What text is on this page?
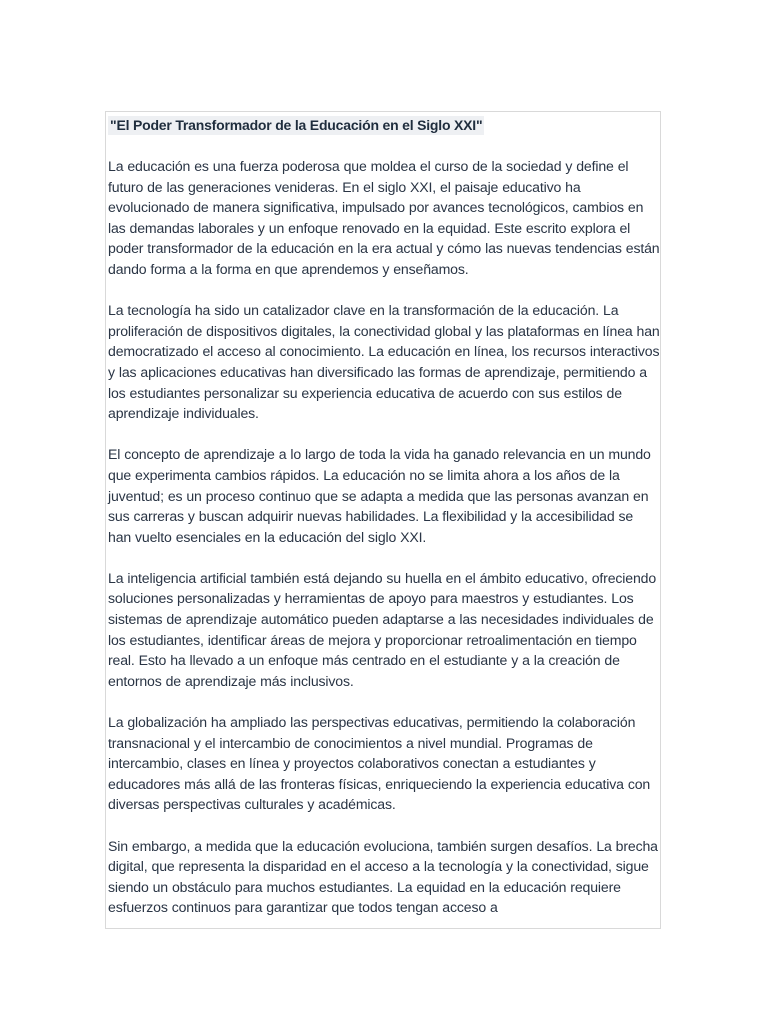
"El Poder Transformador de la Educación en el Siglo XXI"

La educación es una fuerza poderosa que moldea el curso de la sociedad y define el futuro de las generaciones venideras. En el siglo XXI, el paisaje educativo ha evolucionado de manera significativa, impulsado por avances tecnológicos, cambios en las demandas laborales y un enfoque renovado en la equidad. Este escrito explora el poder transformador de la educación en la era actual y cómo las nuevas tendencias están dando forma a la forma en que aprendemos y enseñamos.

La tecnología ha sido un catalizador clave en la transformación de la educación. La proliferación de dispositivos digitales, la conectividad global y las plataformas en línea han democratizado el acceso al conocimiento. La educación en línea, los recursos interactivos y las aplicaciones educativas han diversificado las formas de aprendizaje, permitiendo a los estudiantes personalizar su experiencia educativa de acuerdo con sus estilos de aprendizaje individuales.

El concepto de aprendizaje a lo largo de toda la vida ha ganado relevancia en un mundo que experimenta cambios rápidos. La educación no se limita ahora a los años de la juventud; es un proceso continuo que se adapta a medida que las personas avanzan en sus carreras y buscan adquirir nuevas habilidades. La flexibilidad y la accesibilidad se han vuelto esenciales en la educación del siglo XXI.

La inteligencia artificial también está dejando su huella en el ámbito educativo, ofreciendo soluciones personalizadas y herramientas de apoyo para maestros y estudiantes. Los sistemas de aprendizaje automático pueden adaptarse a las necesidades individuales de los estudiantes, identificar áreas de mejora y proporcionar retroalimentación en tiempo real. Esto ha llevado a un enfoque más centrado en el estudiante y a la creación de entornos de aprendizaje más inclusivos.

La globalización ha ampliado las perspectivas educativas, permitiendo la colaboración transnacional y el intercambio de conocimientos a nivel mundial. Programas de intercambio, clases en línea y proyectos colaborativos conectan a estudiantes y educadores más allá de las fronteras físicas, enriqueciendo la experiencia educativa con diversas perspectivas culturales y académicas.

Sin embargo, a medida que la educación evoluciona, también surgen desafíos. La brecha digital, que representa la disparidad en el acceso a la tecnología y la conectividad, sigue siendo un obstáculo para muchos estudiantes. La equidad en la educación requiere esfuerzos continuos para garantizar que todos tengan acceso a
